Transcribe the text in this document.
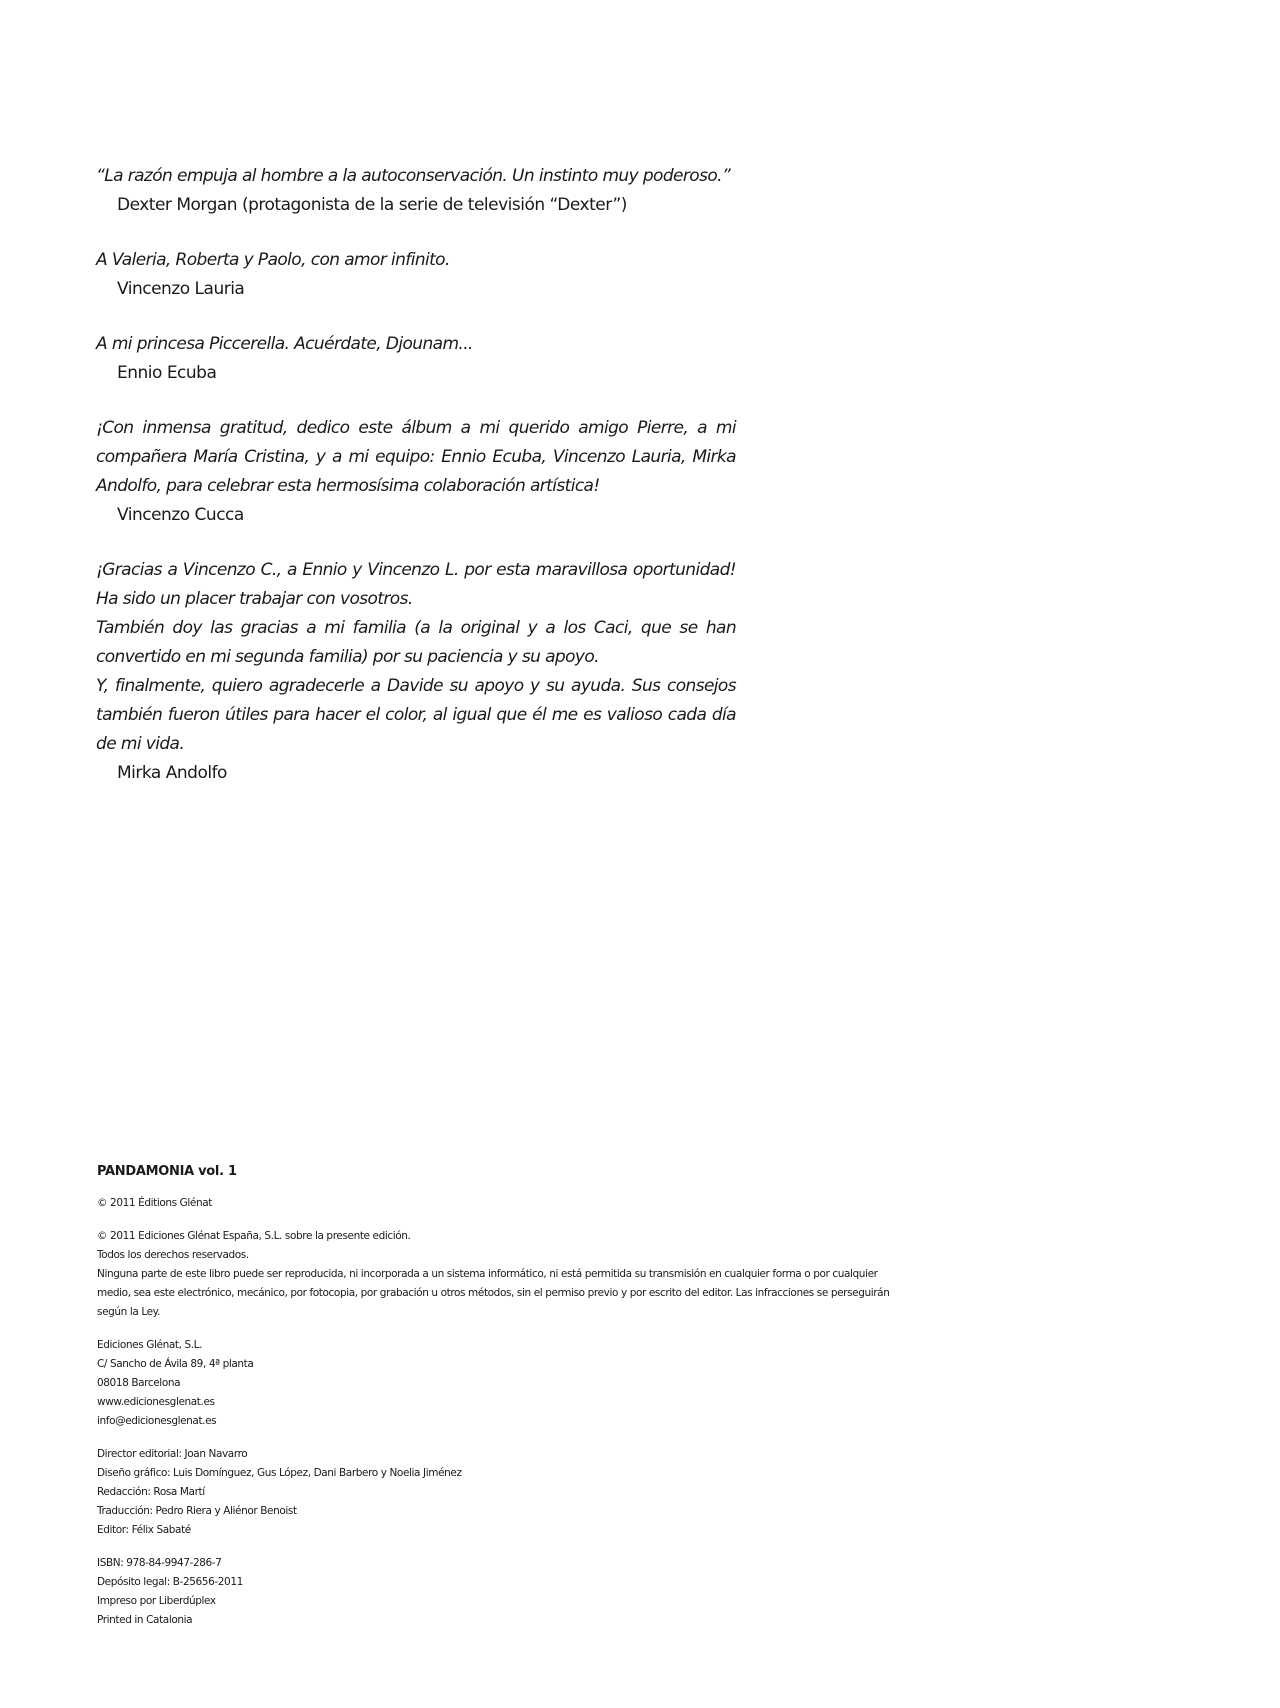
“La razón empuja al hombre a la autoconservación. Un instinto muy poderoso.”
Dexter Morgan (protagonista de la serie de televisión “Dexter”)
A Valeria, Roberta y Paolo, con amor infinito.
Vincenzo Lauria
A mi princesa Piccerella. Acuérdate, Djounam...
Ennio Ecuba
¡Con inmensa gratitud, dedico este álbum a mi querido amigo Pierre, a mi compañera María Cristina, y a mi equipo: Ennio Ecuba, Vincenzo Lauria, Mirka Andolfo, para celebrar esta hermosísima colaboración artística!
Vincenzo Cucca
¡Gracias a Vincenzo C., a Ennio y Vincenzo L. por esta maravillosa oportunidad! Ha sido un placer trabajar con vosotros.
También doy las gracias a mi familia (a la original y a los Caci, que se han convertido en mi segunda familia) por su paciencia y su apoyo.
Y, finalmente, quiero agradecerle a Davide su apoyo y su ayuda. Sus consejos también fueron útiles para hacer el color, al igual que él me es valioso cada día de mi vida.
Mirka Andolfo
PANDAMONIA vol. 1
© 2011 Éditions Glénat
© 2011 Ediciones Glénat España, S.L. sobre la presente edición.
Todos los derechos reservados.
Ninguna parte de este libro puede ser reproducida, ni incorporada a un sistema informático, ni está permitida su transmisión en cualquier forma o por cualquier medio, sea este electrónico, mecánico, por fotocopia, por grabación u otros métodos, sin el permiso previo y por escrito del editor. Las infracciones se perseguirán según la Ley.
Ediciones Glénat, S.L.
C/ Sancho de Ávila 89, 4ª planta
08018 Barcelona
www.edicionesglenat.es
info@edicionesglenat.es
Director editorial: Joan Navarro
Diseño gráfico: Luis Domínguez, Gus López, Dani Barbero y Noelia Jiménez
Redacción: Rosa Martí
Traducción: Pedro Riera y Aliénor Benoist
Editor: Félix Sabaté
ISBN: 978-84-9947-286-7
Depósito legal: B-25656-2011
Impreso por Liberdúplex
Printed in Catalonia
